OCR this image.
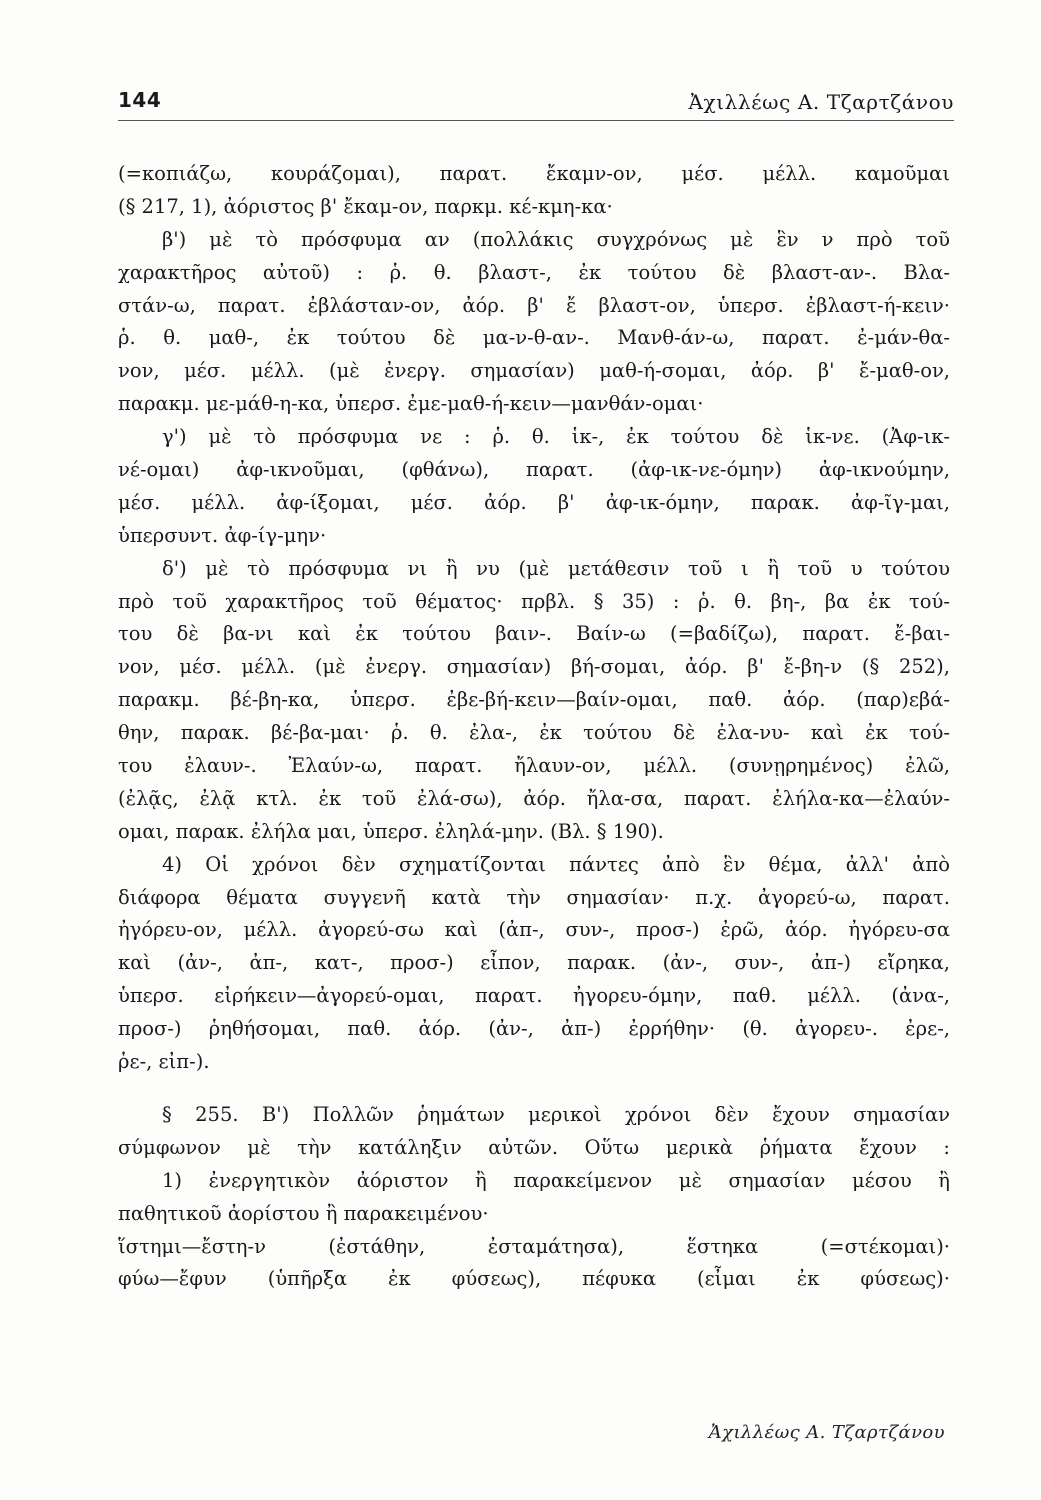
144	Ἀχιλλέως Α. Τζαρτζάνου
(=κοπιάζω, κουράζομαι), παρατ. ἔκαμν-ον, μέσ. μέλλ. καμοῦμαι
(§ 217, 1), ἀόριστος β' ἔκαμ-ον, παρκμ. κέ-κμη-κα·
β') μὲ τὸ πρόσφυμα αν (πολλάκις συγχρόνως μὲ ἓν ν πρὸ τοῦ
χαρακτῆρος αὐτοῦ) : ῥ. θ. βλαστ-, ἐκ τούτου δὲ βλαστ-αν-. Βλα-
στάν-ω, παρατ. ἐβλάσταν-ον, ἀόρ. β' ἔ βλαστ-ον, ὑπερσ. ἐβλαστ-ή-κειν·
ῥ. θ. μαθ-, ἐκ τούτου δὲ μα-ν-θ-αν-. Μανθ-άν-ω, παρατ. ἐ-μάν-θα-
νον, μέσ. μέλλ. (μὲ ἐνεργ. σημασίαν) μαθ-ή-σομαι, ἀόρ. β' ἔ-μαθ-ον,
παρακμ. με-μάθ-η-κα, ὑπερσ. ἐμε-μαθ-ή-κειν—μανθάν-ομαι·
γ') μὲ τὸ πρόσφυμα νε : ῥ. θ. ἱκ-, ἐκ τούτου δὲ ἱκ-νε. (Ἀφ-ικ-
νέ-ομαι) ἀφ-ικνοῦμαι, (φθάνω), παρατ. (ἀφ-ικ-νε-όμην) ἀφ-ικνούμην,
μέσ. μέλλ. ἀφ-ίξομαι, μέσ. ἀόρ. β' ἀφ-ικ-όμην, παρακ. ἀφ-ῖγ-μαι,
ὑπερσυντ. ἀφ-ίγ-μην·
δ') μὲ τὸ πρόσφυμα νι ἢ νυ (μὲ μετάθεσιν τοῦ ι ἢ τοῦ υ τούτου
πρὸ τοῦ χαρακτῆρος τοῦ θέματος· πρβλ. § 35) : ῥ. θ. βη-, βα ἐκ τού-
του δὲ βα-νι καὶ ἐκ τούτου βαιν-. Βαίν-ω (=βαδίζω), παρατ. ἔ-βαι-
νον, μέσ. μέλλ. (μὲ ἐνεργ. σημασίαν) βή-σομαι, ἀόρ. β' ἔ-βη-ν (§ 252),
παρακμ. βέ-βη-κα, ὑπερσ. ἐβε-βή-κειν—βαίν-ομαι, παθ. ἀόρ. (παρ)εβά-
θην, παρακ. βέ-βα-μαι· ῥ. θ. ἐλα-, ἐκ τούτου δὲ ἐλα-νυ- καὶ ἐκ τού-
του ἐλαυν-. Ἐλαύν-ω, παρατ. ἤλαυν-ον, μέλλ. (συνῃρημένος) ἐλῶ,
(ἐλᾷς, ἐλᾷ κτλ. ἐκ τοῦ ἐλά-σω), ἀόρ. ἤλα-σα, παρατ. ἐλήλα-κα—ἐλαύν-
ομαι, παρακ. ἐλήλα μαι, ὑπερσ. ἐληλά-μην. (Βλ. § 190).
4) Οἱ χρόνοι δὲν σχηματίζονται πάντες ἀπὸ ἓν θέμα, ἀλλ' ἀπὸ
διάφορα θέματα συγγενῆ κατὰ τὴν σημασίαν· π.χ. ἀγορεύ-ω, παρατ.
ἠγόρευ-ον, μέλλ. ἀγορεύ-σω καὶ (ἀπ-, συν-, προσ-) ἐρῶ, ἀόρ. ἠγόρευ-σα
καὶ (ἀν-, ἀπ-, κατ-, προσ-) εἶπον, παρακ. (ἀν-, συν-, ἀπ-) εἴρηκα,
ὑπερσ. εἰρήκειν—ἀγορεύ-ομαι, παρατ. ἠγορευ-όμην, παθ. μέλλ. (ἀνα-,
προσ-) ῥηθήσομαι, παθ. ἀόρ. (ἀν-, ἀπ-) ἐρρήθην· (θ. ἀγορευ-. ἐρε-,
ῥε-, εἰπ-).
§ 255. Β') Πολλῶν ῥημάτων μερικοὶ χρόνοι δὲν ἔχουν σημασίαν
σύμφωνον μὲ τὴν κατάληξιν αὐτῶν. Οὕτω μερικὰ ῥήματα ἔχουν :
1) ἐνεργητικὸν ἀόριστον ἢ παρακείμενον μὲ σημασίαν μέσου ἢ
παθητικοῦ ἀορίστου ἢ παρακειμένου·
ἵστημι—ἔστη-ν (ἐστάθην, ἐσταμάτησα), ἕστηκα (=στέκομαι)·
φύω—ἔφυν (ὑπῆρξα ἐκ φύσεως), πέφυκα (εἶμαι ἐκ φύσεως)·
Ἀχιλλέως Α. Τζαρτζάνου
